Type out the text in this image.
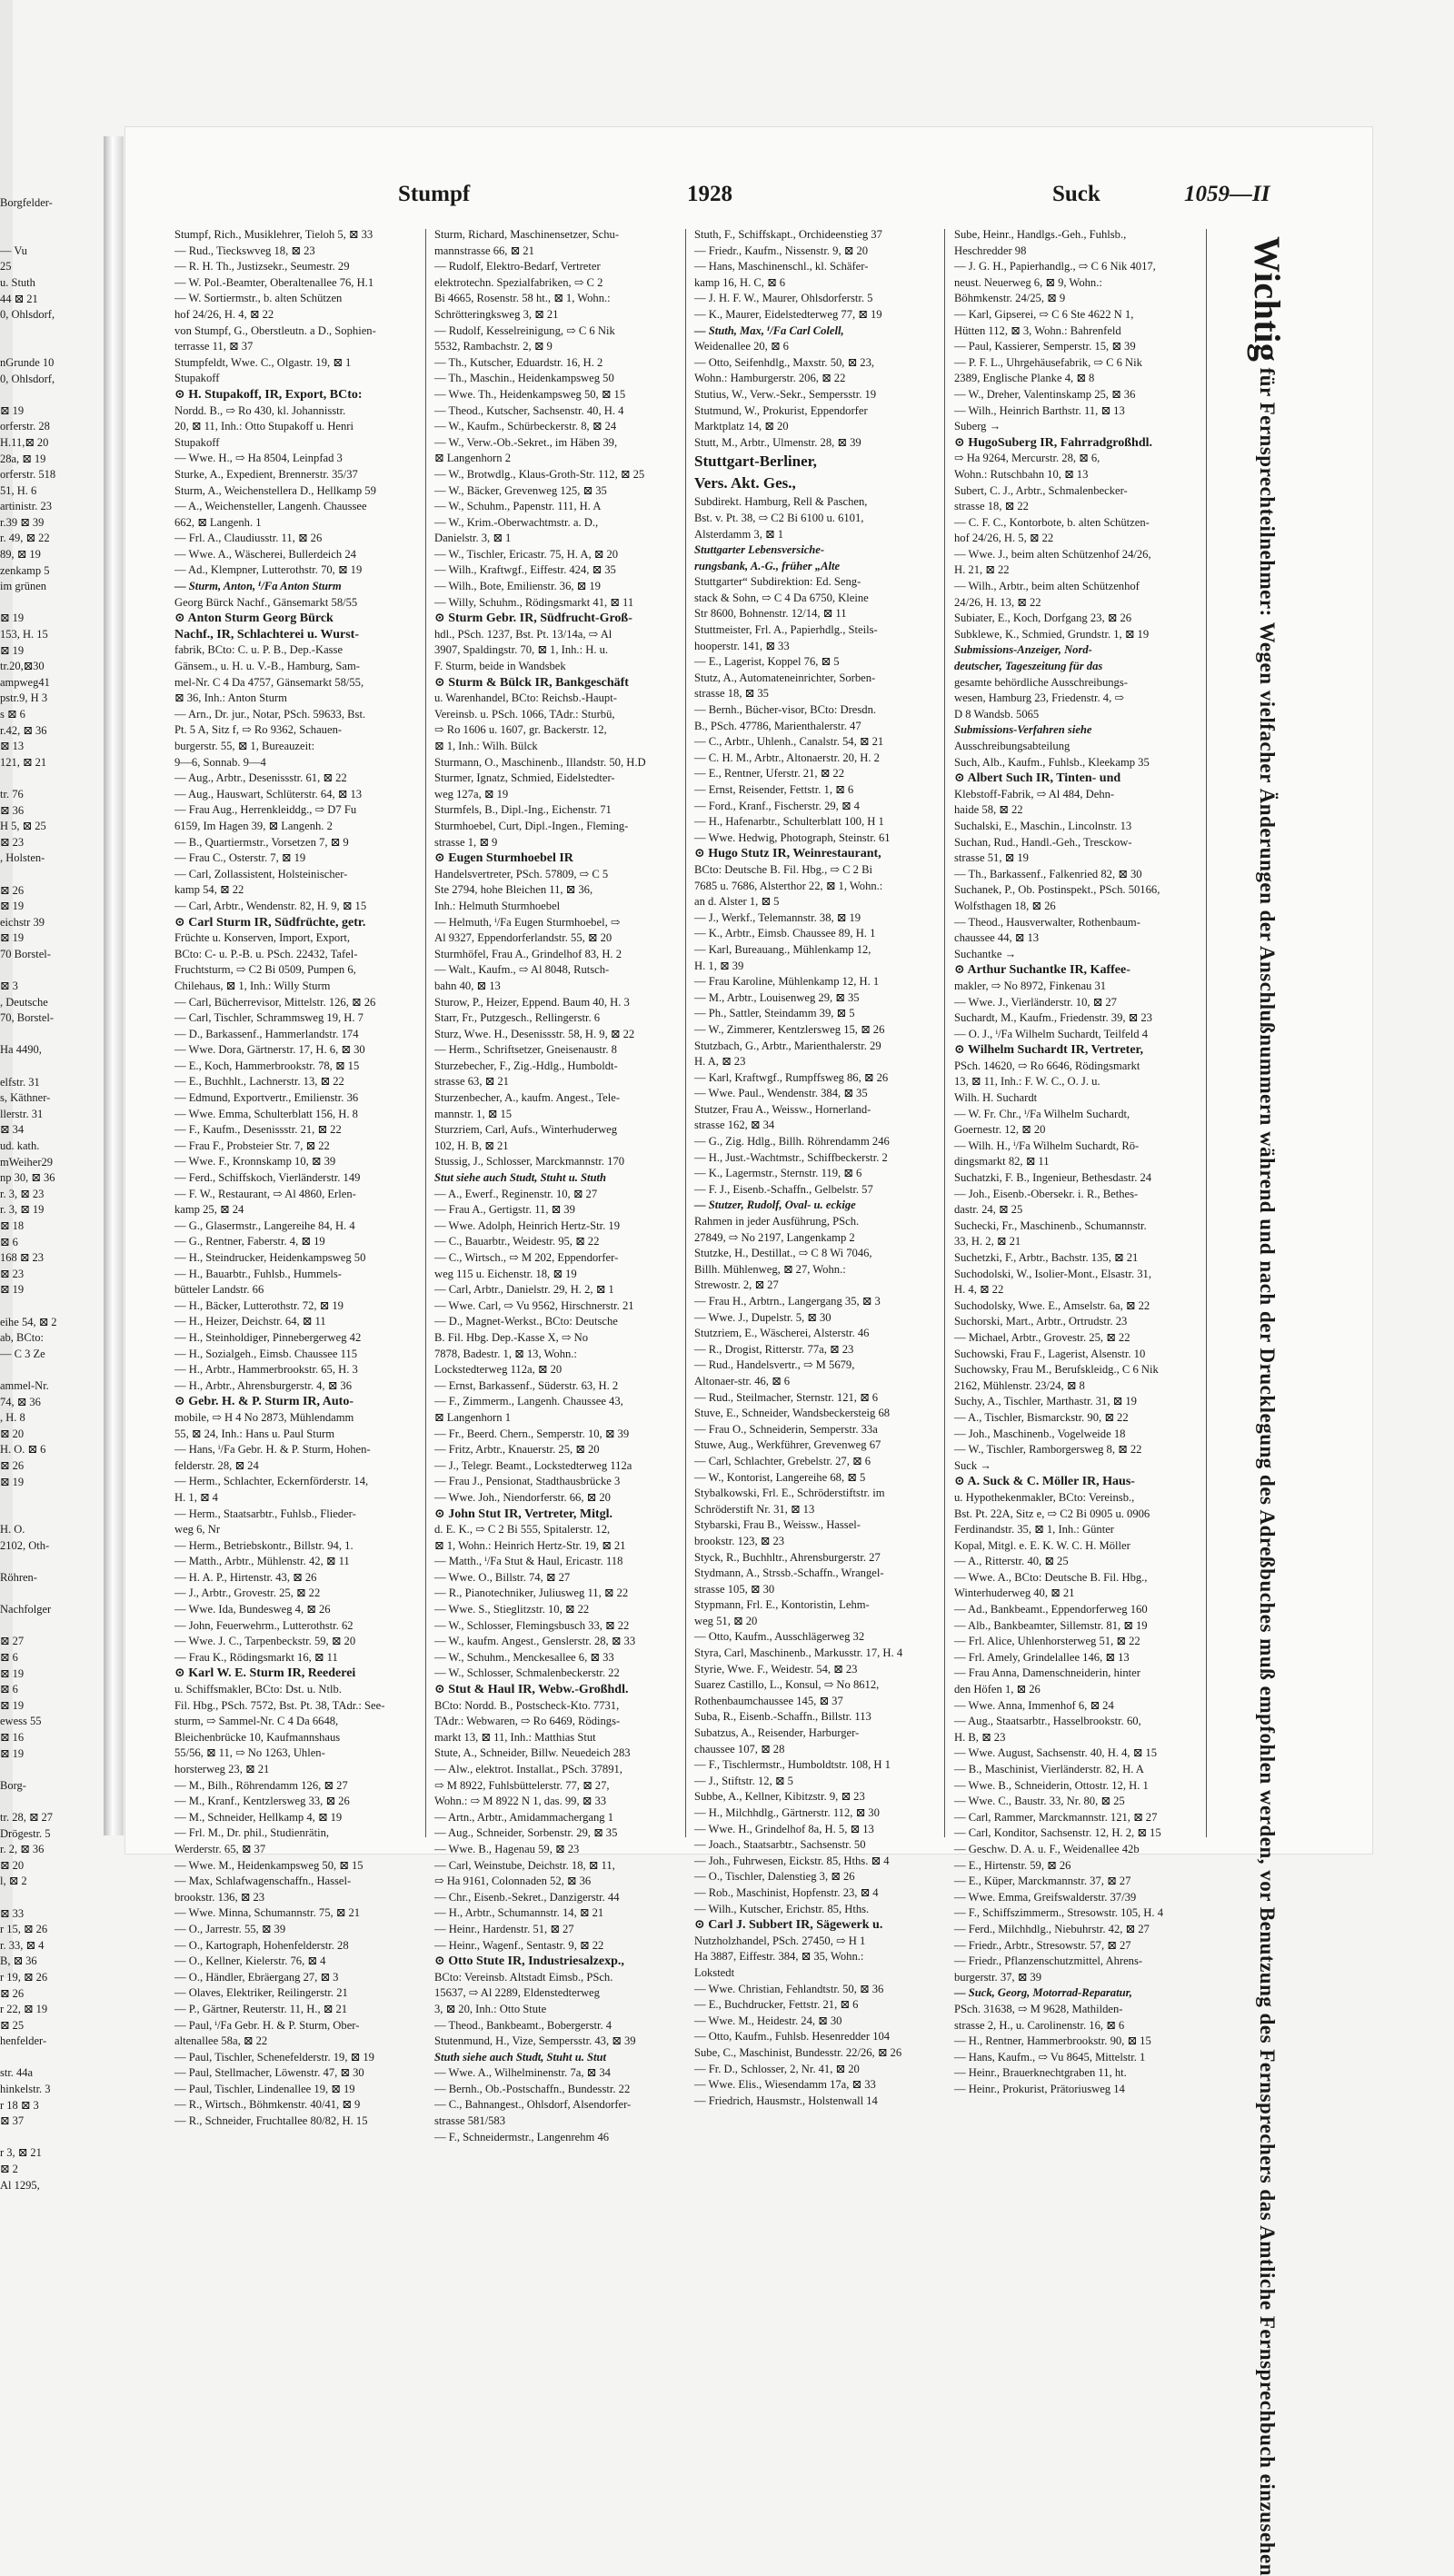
Borgfelder-

— Vu
25
u. Stuth
44 ⊠ 21
0, Ohlsdorf,

nGrunde 10
0, Ohlsdorf,

⊠ 19
orferstr. 28
H.11,⊠ 20
28a, ⊠ 19
orferstr. 518
51, H. 6
artinistr. 23
r.39 ⊠ 39
r. 49, ⊠ 22
89, ⊠ 19
zenkamp 5
im grünen

⊠ 19
153, H. 15
⊠ 19
tr.20,⊠30
ampweg41
pstr.9, H 3
s ⊠ 6
r.42, ⊠ 36
⊠ 13
121, ⊠ 21

tr. 76
⊠ 36
H 5, ⊠ 25
⊠ 23
, Holsten-

⊠ 26
⊠ 19
eichstr 39
⊠ 19
70 Borstel-

⊠ 3
, Deutsche
70, Borstel-

Ha 4490,

elfstr. 31
s, Käthner-
llerstr. 31
⊠ 34
ud. kath.
mWeiher29
np 30, ⊠ 36
r. 3, ⊠ 23
r. 3, ⊠ 19
⊠ 18
⊠ 6
168 ⊠ 23
⊠ 23
⊠ 19

eihe 54, ⊠ 2
ab, BCto:
— C 3 Ze

ammel-Nr.
74, ⊠ 36
, H. 8
⊠ 20
H. O. ⊠ 6
⊠ 26
⊠ 19

H. O.
2102, Oth-

Röhren-

Nachfolger

⊠ 27
⊠ 6
⊠ 19
⊠ 6
⊠ 19
ewess 55
⊠ 16
⊠ 19

Borg-

tr. 28, ⊠ 27
Drögestr. 5
r. 2, ⊠ 36
⊠ 20
l, ⊠ 2

⊠ 33
r 15, ⊠ 26
r. 33, ⊠ 4
B, ⊠ 36
r 19, ⊠ 26
⊠ 26
r 22, ⊠ 19
⊠ 25
henfelder-

str. 44a
hinkelstr. 3
r 18 ⊠ 3
⊠ 37

r 3, ⊠ 21
⊠ 2
Al 1295,
Stumpf	1928	Suck	1059—II
Stumpf, Rich., Musiklehrer, Tieloh 5, ⊠ 33
— Rud., Tieckswveg 18, ⊠ 23
— R. H. Th., Justizsekr., Seumestr. 29
— W. Pol.-Beamter, Oberaltenallee 76, H.1
— W. Sortiermstr., b. alten Schützen
hof 24/26, H. 4, ⊠ 22
von Stumpf, G., Oberstleutn. a D., Sophien-
terrasse 11, ⊠ 37
Stumpfeldt, Wwe. C., Olgastr. 19, ⊠ 1
Stupakoff
⊙ H. Stupakoff, IR, Export, BCto:
Nordd. B., ⇨ Ro 430, kl. Johannisstr.
20, ⊠ 11, Inh.: Otto Stupakoff u. Henri
Stupakoff
— Wwe. H., ⇨ Ha 8504, Leinpfad 3
Sturke, A., Expedient, Brennerstr. 35/37
Sturm, A., Weichenstellera D., Hellkamp 59
— A., Weichensteller, Langenh. Chaussee
662, ⊠ Langenh. 1
— Frl. A., Claudiusstr. 11, ⊠ 26
— Wwe. A., Wäscherei, Bullerdeich 24
— Ad., Klempner, Lutterothstr. 70, ⊠ 19
— Sturm, Anton, ⁱ/Fa Anton Sturm
Georg Bürck Nachf., Gänsemarkt 58/55
⊙ Anton Sturm Georg Bürck
Nachf., IR, Schlachterei u. Wurst-
fabrik, BCto: C. u. P. B., Dep.-Kasse
Gänsem., u. H. u. V.-B., Hamburg, Sam-
mel-Nr. C 4 Da 4757, Gänsemarkt 58/55,
⊠ 36, Inh.: Anton Sturm
— Arn., Dr. jur., Notar, PSch. 59633, Bst.
Pt. 5 A, Sitz f, ⇨ Ro 9362, Schauen-
burgerstr. 55, ⊠ 1, Bureauzeit:
9—6, Sonnab. 9—4
— Aug., Arbtr., Desenissstr. 61, ⊠ 22
— Aug., Hauswart, Schlüterstr. 64, ⊠ 13
— Frau Aug., Herrenkleiddg., ⇨ D7 Fu
6159, Im Hagen 39, ⊠ Langenh. 2
— B., Quartiermstr., Vorsetzen 7, ⊠ 9
— Frau C., Osterstr. 7, ⊠ 19
— Carl, Zollassistent, Holsteinischer-
kamp 54, ⊠ 22
— Carl, Arbtr., Wendenstr. 82, H. 9, ⊠ 15
⊙ Carl Sturm IR, Südfrüchte, getr.
Früchte u. Konserven, Import, Export,
BCto: C- u. P.-B. u. PSch. 22432, Tafel-
Fruchtsturm, ⇨ C2 Bi 0509, Pumpen 6,
Chilehaus, ⊠ 1, Inh.: Willy Sturm
— Carl, Bücherrevisor, Mittelstr. 126, ⊠ 26
— Carl, Tischler, Schrammsweg 19, H. 7
— D., Barkassenf., Hammerlandstr. 174
— Wwe. Dora, Gärtnerstr. 17, H. 6, ⊠ 30
— E., Koch, Hammerbrookstr. 78, ⊠ 15
— E., Buchhlt., Lachnerstr. 13, ⊠ 22
— Edmund, Exportvertr., Emilienstr. 36
— Wwe. Emma, Schulterblatt 156, H. 8
— F., Kaufm., Desenissstr. 21, ⊠ 22
— Frau F., Probsteier Str. 7, ⊠ 22
— Wwe. F., Kronnskamp 10, ⊠ 39
— Ferd., Schiffskoch, Vierländerstr. 149
— F. W., Restaurant, ⇨ Al 4860, Erlen-
kamp 25, ⊠ 24
— G., Glasermstr., Langereihe 84, H. 4
— G., Rentner, Faberstr. 4, ⊠ 19
— H., Steindrucker, Heidenkampsweg 50
— H., Bauarbtr., Fuhlsb., Hummels-
bütteler Landstr. 66
— H., Bäcker, Lutterothstr. 72, ⊠ 19
— H., Heizer, Deichstr. 64, ⊠ 11
— H., Steinholdiger, Pinnebergerweg 42
— H., Sozialgeh., Eimsb. Chaussee 115
— H., Arbtr., Hammerbrookstr. 65, H. 3
— H., Arbtr., Ahrensburgerstr. 4, ⊠ 36
⊙ Gebr. H. & P. Sturm IR, Auto-
mobile, ⇨ H 4 No 2873, Mühlendamm
55, ⊠ 24, Inh.: Hans u. Paul Sturm
— Hans, ⁱ/Fa Gebr. H. & P. Sturm, Hohen-
felderstr. 28, ⊠ 24
— Herm., Schlachter, Eckernförderstr. 14,
H. 1, ⊠ 4
— Herm., Staatsarbtr., Fuhlsb., Flieder-
weg 6, Nr
— Herm., Betriebskontr., Billstr. 94, 1.
— Matth., Arbtr., Mühlenstr. 42, ⊠ 11
— H. A. P., Hirtenstr. 43, ⊠ 26
— J., Arbtr., Grovestr. 25, ⊠ 22
— Wwe. Ida, Bundesweg 4, ⊠ 26
— John, Feuerwehrm., Lutterothstr. 62
— Wwe. J. C., Tarpenbeckstr. 59, ⊠ 20
— Frau K., Rödingsmarkt 16, ⊠ 11
⊙ Karl W. E. Sturm IR, Reederei
u. Schiffsmakler, BCto: Dst. u. Ntlb.
Fil. Hbg., PSch. 7572, Bst. Pt. 38, TAdr.: See-
sturm, ⇨ Sammel-Nr. C 4 Da 6648,
Bleichenbrücke 10, Kaufmannshaus
55/56, ⊠ 11, ⇨ No 1263, Uhlen-
horsterweg 23, ⊠ 21
— M., Bilh., Röhrendamm 126, ⊠ 27
— M., Kranf., Kentzlersweg 33, ⊠ 26
— M., Schneider, Hellkamp 4, ⊠ 19
— Frl. M., Dr. phil., Studienrätin,
Werderstr. 65, ⊠ 37
— Wwe. M., Heidenkampsweg 50, ⊠ 15
— Max, Schlafwagenschaffn., Hassel-
brookstr. 136, ⊠ 23
— Wwe. Minna, Schumannstr. 75, ⊠ 21
— O., Jarrestr. 55, ⊠ 39
— O., Kartograph, Hohenfelderstr. 28
— O., Kellner, Kielerstr. 76, ⊠ 4
— O., Händler, Ebräergang 27, ⊠ 3
— Olaves, Elektriker, Reilingerstr. 21
— P., Gärtner, Reuterstr. 11, H., ⊠ 21
— Paul, ⁱ/Fa Gebr. H. & P. Sturm, Ober-
altenallee 58a, ⊠ 22
— Paul, Tischler, Schenefelderstr. 19, ⊠ 19
— Paul, Stellmacher, Löwenstr. 47, ⊠ 30
— Paul, Tischler, Lindenallee 19, ⊠ 19
— R., Wirtsch., Böhmkenstr. 40/41, ⊠ 9
— R., Schneider, Fruchtallee 80/82, H. 15
Sturm, Richard, Maschinensetzer, Schu-
mannstrasse 66, ⊠ 21
— Rudolf, Elektro-Bedarf, Vertreter
elektrotechn. Spezialfabriken, ⇨ C 2
Bi 4665, Rosenstr. 58 ht., ⊠ 1, Wohn.:
Schrötteringksweg 3, ⊠ 21
— Rudolf, Kesselreinigung, ⇨ C 6 Nik
5532, Rambachstr. 2, ⊠ 9
— Th., Kutscher, Eduardstr. 16, H. 2
— Th., Maschin., Heidenkampsweg 50
— Wwe. Th., Heidenkampsweg 50, ⊠ 15
— Theod., Kutscher, Sachsenstr. 40, H. 4
— W., Kaufm., Schürbeckerstr. 8, ⊠ 24
— W., Verw.-Ob.-Sekret., im Häben 39,
⊠ Langenhorn 2
— W., Brotwdlg., Klaus-Groth-Str. 112, ⊠ 25
— W., Bäcker, Grevenweg 125, ⊠ 35
— W., Schuhm., Papenstr. 111, H. A
— W., Krim.-Oberwachtmstr. a. D.,
Danielstr. 3, ⊠ 1
— W., Tischler, Ericastr. 75, H. A, ⊠ 20
— Wilh., Kraftwgf., Eiffestr. 424, ⊠ 35
— Wilh., Bote, Emilienstr. 36, ⊠ 19
— Willy, Schuhm., Rödingsmarkt 41, ⊠ 11
⊙ Sturm Gebr. IR, Südfrucht-Groß-
hdl., PSch. 1237, Bst. Pt. 13/14a, ⇨ Al
3907, Spaldingstr. 70, ⊠ 1, Inh.: H. u.
F. Sturm, beide in Wandsbek
⊙ Sturm & Bülck IR, Bankgeschäft
u. Warenhandel, BCto: Reichsb.-Haupt-
Vereinsb. u. PSch. 1066, TAdr.: Sturbü,
⇨ Ro 1606 u. 1607, gr. Backerstr. 12,
⊠ 1, Inh.: Wilh. Bülck
Sturmann, O., Maschinenb., Illandstr. 50, H.D
Sturmer, Ignatz, Schmied, Eidelstedter-
weg 127a, ⊠ 19
Sturmfels, B., Dipl.-Ing., Eichenstr. 71
Sturmhoebel, Curt, Dipl.-Ingen., Fleming-
strasse 1, ⊠ 9
⊙ Eugen Sturmhoebel IR
Handelsvertreter, PSch. 57809, ⇨ C 5
Ste 2794, hohe Bleichen 11, ⊠ 36,
Inh.: Helmuth Sturmhoebel
— Helmuth, ⁱ/Fa Eugen Sturmhoebel, ⇨
Al 9327, Eppendorferlandstr. 55, ⊠ 20
Sturmhöfel, Frau A., Grindelhof 83, H. 2
— Walt., Kaufm., ⇨ Al 8048, Rutsch-
bahn 40, ⊠ 13
Sturow, P., Heizer, Eppend. Baum 40, H. 3
Starr, Fr., Putzgesch., Rellingerstr. 6
Sturz, Wwe. H., Desenissstr. 58, H. 9, ⊠ 22
— Herm., Schriftsetzer, Gneisenaustr. 8
Sturzebecher, F., Zig.-Hdlg., Humboldt-
strasse 63, ⊠ 21
Sturzenbecher, A., kaufm. Angest., Tele-
mannstr. 1, ⊠ 15
Sturzriem, Carl, Aufs., Winterhuderweg
102, H. B, ⊠ 21
Stussig, J., Schlosser, Marckmannstr. 170
Stut siehe auch Studt, Stuht u. Stuth
— A., Ewerf., Reginenstr. 10, ⊠ 27
— Frau A., Gertigstr. 11, ⊠ 39
— Wwe. Adolph, Heinrich Hertz-Str. 19
— C., Bauarbtr., Weidestr. 95, ⊠ 22
— C., Wirtsch., ⇨ M 202, Eppendorfer-
weg 115 u. Eichenstr. 18, ⊠ 19
— Carl, Arbtr., Danielstr. 29, H. 2, ⊠ 1
— Wwe. Carl, ⇨ Vu 9562, Hirschnerstr. 21
— D., Magnet-Werkst., BCto: Deutsche
B. Fil. Hbg. Dep.-Kasse X, ⇨ No
7878, Badestr. 1, ⊠ 13, Wohn.:
Lockstedterweg 112a, ⊠ 20
— Ernst, Barkassenf., Süderstr. 63, H. 2
— F., Zimmerm., Langenh. Chaussee 43,
⊠ Langenhorn 1
— Fr., Beerd. Chern., Semperstr. 10, ⊠ 39
— Fritz, Arbtr., Knauerstr. 25, ⊠ 20
— J., Telegr. Beamt., Lockstedterweg 112a
— Frau J., Pensionat, Stadthausbrücke 3
— Wwe. Joh., Niendorferstr. 66, ⊠ 20
⊙ John Stut IR, Vertreter, Mitgl.
d. E. K., ⇨ C 2 Bi 555, Spitalerstr. 12,
⊠ 1, Wohn.: Heinrich Hertz-Str. 19, ⊠ 21
— Matth., ⁱ/Fa Stut & Haul, Ericastr. 118
— Wwe. O., Billstr. 74, ⊠ 27
— R., Pianotechniker, Juliusweg 11, ⊠ 22
— Wwe. S., Stieglitzstr. 10, ⊠ 22
— W., Schlosser, Flemingsbusch 33, ⊠ 22
— W., kaufm. Angest., Genslerstr. 28, ⊠ 33
— W., Schuhm., Menckesallee 6, ⊠ 33
— W., Schlosser, Schmalenbeckerstr. 22
⊙ Stut & Haul IR, Webw.-Großhdl.
BCto: Nordd. B., Postscheck-Kto. 7731,
TAdr.: Webwaren, ⇨ Ro 6469, Rödings-
markt 13, ⊠ 11, Inh.: Matthias Stut
Stute, A., Schneider, Billw. Neuedeich 283
— Alw., elektrot. Installat., PSch. 37891,
⇨ M 8922, Fuhlsbüttelerstr. 77, ⊠ 27,
Wohn.: ⇨ M 8922 N 1, das. 99, ⊠ 33
— Artn., Arbtr., Amidammachergang 1
— Aug., Schneider, Sorbenstr. 29, ⊠ 35
— Wwe. B., Hagenau 59, ⊠ 23
— Carl, Weinstube, Deichstr. 18, ⊠ 11,
⇨ Ha 9161, Colonnaden 52, ⊠ 36
— Chr., Eisenb.-Sekret., Danzigerstr. 44
— H., Arbtr., Schumannstr. 14, ⊠ 21
— Heinr., Hardenstr. 51, ⊠ 27
— Heinr., Wagenf., Sentastr. 9, ⊠ 22
⊙ Otto Stute IR, Industriesalzexp.,
BCto: Vereinsb. Altstadt Eimsb., PSch.
15637, ⇨ Al 2289, Eldenstedterweg
3, ⊠ 20, Inh.: Otto Stute
— Theod., Bankbeamt., Bobergerstr. 4
Stutenmund, H., Vize, Sempersstr. 43, ⊠ 39
Stuth siehe auch Studt, Stuht u. Stut
— Wwe. A., Wilhelminenstr. 7a, ⊠ 34
— Bernh., Ob.-Postschaffn., Bundesstr. 22
— C., Bahnangest., Ohlsdorf, Alsendorfer-
strasse 581/583
— F., Schneidermstr., Langenrehm 46
Stuth, F., Schiffskapt., Orchideenstieg 37
— Friedr., Kaufm., Nissenstr. 9, ⊠ 20
— Hans, Maschinenschl., kl. Schäfer-
kamp 16, H. C, ⊠ 6
— J. H. F. W., Maurer, Ohlsdorferstr. 5
— K., Maurer, Eidelstedterweg 77, ⊠ 19
— Stuth, Max, ⁱ/Fa Carl Colell,
Weidenallee 20, ⊠ 6
— Otto, Seifenhdlg., Maxstr. 50, ⊠ 23,
Wohn.: Hamburgerstr. 206, ⊠ 22
Stutius, W., Verw.-Sekr., Sempersstr. 19
Stutmund, W., Prokurist, Eppendorfer
Marktplatz 14, ⊠ 20
Stutt, M., Arbtr., Ulmenstr. 28, ⊠ 39
Stuttgart-Berliner,
Vers. Akt. Ges.,
Subdirekt. Hamburg, Rell & Paschen,
Bst. v. Pt. 38, ⇨ C2 Bi 6100 u. 6101,
Alsterdamm 3, ⊠ 1
Stuttgarter Lebensversiche-
rungsbank, A.-G., früher „Alte
Stuttgarter“ Subdirektion: Ed. Seng-
stack & Sohn, ⇨ C 4 Da 6750, Kleine
Str 8600, Bohnenstr. 12/14, ⊠ 11
Stuttmeister, Frl. A., Papierhdlg., Steils-
hooperstr. 141, ⊠ 33
— E., Lagerist, Koppel 76, ⊠ 5
Stutz, A., Automateneinrichter, Sorben-
strasse 18, ⊠ 35
— Bernh., Bücher-visor, BCto: Dresdn.
B., PSch. 47786, Marienthalerstr. 47
— C., Arbtr., Uhlenh., Canalstr. 54, ⊠ 21
— C. H. M., Arbtr., Altonaerstr. 20, H. 2
— E., Rentner, Uferstr. 21, ⊠ 22
— Ernst, Reisender, Fettstr. 1, ⊠ 6
— Ford., Kranf., Fischerstr. 29, ⊠ 4
— H., Hafenarbtr., Schulterblatt 100, H 1
— Wwe. Hedwig, Photograph, Steinstr. 61
⊙ Hugo Stutz IR, Weinrestaurant,
BCto: Deutsche B. Fil. Hbg., ⇨ C 2 Bi
7685 u. 7686, Alsterthor 22, ⊠ 1, Wohn.:
an d. Alster 1, ⊠ 5
— J., Werkf., Telemannstr. 38, ⊠ 19
— K., Arbtr., Eimsb. Chaussee 89, H. 1
— Karl, Bureauang., Mühlenkamp 12,
H. 1, ⊠ 39
— Frau Karoline, Mühlenkamp 12, H. 1
— M., Arbtr., Louisenweg 29, ⊠ 35
— Ph., Sattler, Steindamm 39, ⊠ 5
— W., Zimmerer, Kentzlersweg 15, ⊠ 26
Stutzbach, G., Arbtr., Marienthalerstr. 29
H. A, ⊠ 23
— Karl, Kraftwgf., Rumpffsweg 86, ⊠ 26
— Wwe. Paul., Wendenstr. 384, ⊠ 35
Stutzer, Frau A., Weissw., Hornerland-
strasse 162, ⊠ 34
— G., Zig. Hdlg., Billh. Röhrendamm 246
— H., Just.-Wachtmstr., Schiffbeckerstr. 2
— K., Lagermstr., Sternstr. 119, ⊠ 6
— F. J., Eisenb.-Schaffn., Gelbelstr. 57
— Stutzer, Rudolf, Oval- u. eckige
Rahmen in jeder Ausführung, PSch.
27849, ⇨ No 2197, Langenkamp 2
Stutzke, H., Destillat., ⇨ C 8 Wi 7046,
Billh. Mühlenweg, ⊠ 27, Wohn.:
Strewostr. 2, ⊠ 27
— Frau H., Arbtrn., Langergang 35, ⊠ 3
— Wwe. J., Dupelstr. 5, ⊠ 30
Stutzriem, E., Wäscherei, Alsterstr. 46
— R., Drogist, Ritterstr. 77a, ⊠ 23
— Rud., Handelsvertr., ⇨ M 5679,
Altonaer-str. 46, ⊠ 6
— Rud., Steilmacher, Sternstr. 121, ⊠ 6
Stuve, E., Schneider, Wandsbeckersteig 68
— Frau O., Schneiderin, Semperstr. 33a
Stuwe, Aug., Werkführer, Grevenweg 67
— Carl, Schlachter, Grebelstr. 27, ⊠ 6
— W., Kontorist, Langereihe 68, ⊠ 5
Stybalkowski, Frl. E., Schröderstiftstr. im
Schröderstift Nr. 31, ⊠ 13
Stybarski, Frau B., Weissw., Hassel-
brookstr. 123, ⊠ 23
Styck, R., Buchhltr., Ahrensburgerstr. 27
Stydmann, A., Strssb.-Schaffn., Wrangel-
strasse 105, ⊠ 30
Stypmann, Frl. E., Kontoristin, Lehm-
weg 51, ⊠ 20
— Otto, Kaufm., Ausschlägerweg 32
Styra, Carl, Maschinenb., Markusstr. 17, H. 4
Styrie, Wwe. F., Weidestr. 54, ⊠ 23
Suarez Castillo, L., Konsul, ⇨ No 8612,
Rothenbaumchaussee 145, ⊠ 37
Suba, R., Eisenb.-Schaffn., Billstr. 113
Subatzus, A., Reisender, Harburger-
chaussee 107, ⊠ 28
— F., Tischlermstr., Humboldtstr. 108, H 1
— J., Stiftstr. 12, ⊠ 5
Subbe, A., Kellner, Kibitzstr. 9, ⊠ 23
— H., Milchhdlg., Gärtnerstr. 112, ⊠ 30
— Wwe. H., Grindelhof 8a, H. 5, ⊠ 13
— Joach., Staatsarbtr., Sachsenstr. 50
— Joh., Fuhrwesen, Eickstr. 85, Hths. ⊠ 4
— O., Tischler, Dalenstieg 3, ⊠ 26
— Rob., Maschinist, Hopfenstr. 23, ⊠ 4
— Wilh., Kutscher, Erichstr. 85, Hths.
⊙ Carl J. Subbert IR, Sägewerk u.
Nutzholzhandel, PSch. 27450, ⇨ H 1
Ha 3887, Eiffestr. 384, ⊠ 35, Wohn.:
Lokstedt
— Wwe. Christian, Fehlandtstr. 50, ⊠ 36
— E., Buchdrucker, Fettstr. 21, ⊠ 6
— Wwe. M., Heidestr. 24, ⊠ 30
— Otto, Kaufm., Fuhlsb. Hesenredder 104
Sube, C., Maschinist, Bundesstr. 22/26, ⊠ 26
— Fr. D., Schlosser, 2, Nr. 41, ⊠ 20
— Wwe. Elis., Wiesendamm 17a, ⊠ 33
— Friedrich, Hausmstr., Holstenwall 14
Sube, Heinr., Handlgs.-Geh., Fuhlsb.,
Heschredder 98
— J. G. H., Papierhandlg., ⇨ C 6 Nik 4017,
neust. Neuerweg 6, ⊠ 9, Wohn.:
Böhmkenstr. 24/25, ⊠ 9
— Karl, Gipserei, ⇨ C 6 Ste 4622 N 1,
Hütten 112, ⊠ 3, Wohn.: Bahrenfeld
— Paul, Kassierer, Semperstr. 15, ⊠ 39
— P. F. L., Uhrgehäusefabrik, ⇨ C 6 Nik
2389, Englische Planke 4, ⊠ 8
— W., Dreher, Valentinskamp 25, ⊠ 36
— Wilh., Heinrich Barthstr. 11, ⊠ 13
Suberg →
⊙ HugoSuberg IR, Fahrradgroßhdl.
⇨ Ha 9264, Mercurstr. 28, ⊠ 6,
Wohn.: Rutschbahn 10, ⊠ 13
Subert, C. J., Arbtr., Schmalenbecker-
strasse 18, ⊠ 22
— C. F. C., Kontorbote, b. alten Schützen-
hof 24/26, H. 5, ⊠ 22
— Wwe. J., beim alten Schützenhof 24/26,
H. 21, ⊠ 22
— Wilh., Arbtr., beim alten Schützenhof
24/26, H. 13, ⊠ 22
Subiater, E., Koch, Dorfgang 23, ⊠ 26
Subklewe, K., Schmied, Grundstr. 1, ⊠ 19
Submissions-Anzeiger, Nord-
deutscher, Tageszeitung für das
gesamte behördliche Ausschreibungs-
wesen, Hamburg 23, Friedenstr. 4, ⇨
D 8 Wandsb. 5065
Submissions-Verfahren siehe
Ausschreibungsabteilung
Such, Alb., Kaufm., Fuhlsb., Kleekamp 35
⊙ Albert Such IR, Tinten- und
Klebstoff-Fabrik, ⇨ Al 484, Dehn-
haide 58, ⊠ 22
Suchalski, E., Maschin., Lincolnstr. 13
Suchan, Rud., Handl.-Geh., Tresckow-
strasse 51, ⊠ 19
— Th., Barkassenf., Falkenried 82, ⊠ 30
Suchanek, P., Ob. Postinspekt., PSch. 50166,
Wolfsthagen 18, ⊠ 26
— Theod., Hausverwalter, Rothenbaum-
chaussee 44, ⊠ 13
Suchantke →
⊙ Arthur Suchantke IR, Kaffee-
makler, ⇨ No 8972, Finkenau 31
— Wwe. J., Vierländerstr. 10, ⊠ 27
Suchardt, M., Kaufm., Friedenstr. 39, ⊠ 23
— O. J., ⁱ/Fa Wilhelm Suchardt, Teilfeld 4
⊙ Wilhelm Suchardt IR, Vertreter,
PSch. 14620, ⇨ Ro 6646, Rödingsmarkt
13, ⊠ 11, Inh.: F. W. C., O. J. u.
Wilh. H. Suchardt
— W. Fr. Chr., ⁱ/Fa Wilhelm Suchardt,
Goernestr. 12, ⊠ 20
— Wilh. H., ⁱ/Fa Wilhelm Suchardt, Rö-
dingsmarkt 82, ⊠ 11
Suchatzki, F. B., Ingenieur, Bethesdastr. 24
— Joh., Eisenb.-Obersekr. i. R., Bethes-
dastr. 24, ⊠ 25
Suchecki, Fr., Maschinenb., Schumannstr.
33, H. 2, ⊠ 21
Suchetzki, F., Arbtr., Bachstr. 135, ⊠ 21
Suchodolski, W., Isolier-Mont., Elsastr. 31,
H. 4, ⊠ 22
Suchodolsky, Wwe. E., Amselstr. 6a, ⊠ 22
Suchorski, Mart., Arbtr., Ortrudstr. 23
— Michael, Arbtr., Grovestr. 25, ⊠ 22
Suchowski, Frau F., Lagerist, Alsenstr. 10
Suchowsky, Frau M., Berufskleidg., C 6 Nik
2162, Mühlenstr. 23/24, ⊠ 8
Suchy, A., Tischler, Marthastr. 31, ⊠ 19
— A., Tischler, Bismarckstr. 90, ⊠ 22
— Joh., Maschinenb., Vogelweide 18
— W., Tischler, Ramborgersweg 8, ⊠ 22
Suck →
⊙ A. Suck & C. Möller IR, Haus-
u. Hypothekenmakler, BCto: Vereinsb.,
Bst. Pt. 22A, Sitz e, ⇨ C2 Bi 0905 u. 0906
Ferdinandstr. 35, ⊠ 1, Inh.: Günter
Kopal, Mitgl. e. E. K. W. C. H. Möller
— A., Ritterstr. 40, ⊠ 25
— Wwe. A., BCto: Deutsche B. Fil. Hbg.,
Winterhuderweg 40, ⊠ 21
— Ad., Bankbeamt., Eppendorferweg 160
— Alb., Bankbeamter, Sillemstr. 81, ⊠ 19
— Frl. Alice, Uhlenhorsterweg 51, ⊠ 22
— Frl. Amely, Grindelallee 146, ⊠ 13
— Frau Anna, Damenschneiderin, hinter
den Höfen 1, ⊠ 26
— Wwe. Anna, Immenhof 6, ⊠ 24
— Aug., Staatsarbtr., Hasselbrookstr. 60,
H. B, ⊠ 23
— Wwe. August, Sachsenstr. 40, H. 4, ⊠ 15
— B., Maschinist, Vierländerstr. 82, H. A
— Wwe. B., Schneiderin, Ottostr. 12, H. 1
— Wwe. C., Baustr. 33, Nr. 80, ⊠ 25
— Carl, Rammer, Marckmannstr. 121, ⊠ 27
— Carl, Konditor, Sachsenstr. 12, H. 2, ⊠ 15
— Geschw. D. A. u. F., Weidenallee 42b
— E., Hirtenstr. 59, ⊠ 26
— E., Küper, Marckmannstr. 37, ⊠ 27
— Wwe. Emma, Greifswalderstr. 37/39
— F., Schiffszimmerm., Stresowstr. 105, H. 4
— Ferd., Milchhdlg., Niebuhrstr. 42, ⊠ 27
— Friedr., Arbtr., Stresowstr. 57, ⊠ 27
— Friedr., Pflanzenschutzmittel, Ahrens-
burgerstr. 37, ⊠ 39
— Suck, Georg, Motorrad-Reparatur,
PSch. 31638, ⇨ M 9628, Mathilden-
strasse 2, H., u. Carolinenstr. 16, ⊠ 6
— H., Rentner, Hammerbrookstr. 90, ⊠ 15
— Hans, Kaufm., ⇨ Vu 8645, Mittelstr. 1
— Heinr., Brauerknechtgraben 11, ht.
— Heinr., Prokurist, Prätoriusweg 14
Wichtig für Fernsprechteilnehmer: Wegen vielfacher Änderungen der Anschlußnummern während und nach der Drucklegung des Adreßbuches muß empfohlen werden, vor Benutzung des Fernsprechers das Amtliche Fernsprechbuch einzusehen
